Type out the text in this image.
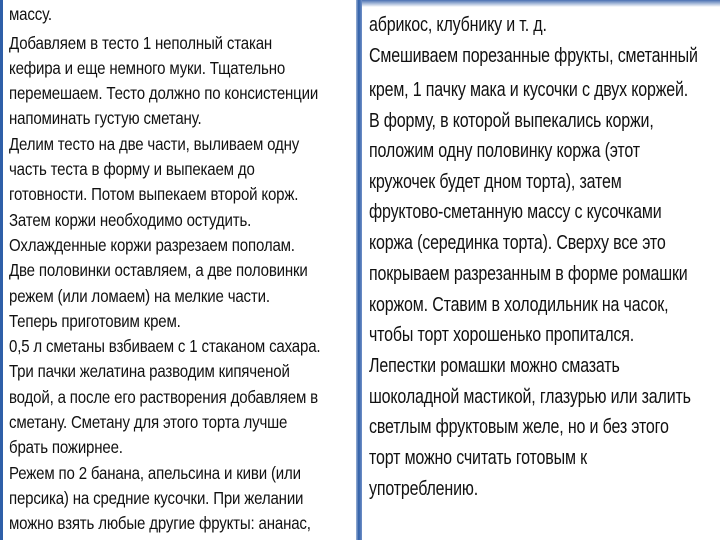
массу.
Добавляем в тесто 1 неполный стакан
кефира и еще немного муки. Тщательно
перемешаем. Тесто должно по консистенции
напоминать густую сметану.
Делим тесто на две части, выливаем одну
часть теста в форму и выпекаем до
готовности. Потом выпекаем второй корж.
Затем коржи необходимо остудить.
Охлажденные коржи разрезаем пополам.
Две половинки оставляем, а две половинки
режем (или ломаем) на мелкие части.
Теперь приготовим крем.
0,5 л сметаны взбиваем с 1 стаканом сахара.
Три пачки желатина разводим кипяченой
водой, а после его растворения добавляем в
сметану. Сметану для этого торта лучше
брать пожирнее.
Режем по 2 банана, апельсина и киви (или
персика) на средние кусочки. При желании
можно взять любые другие фрукты: ананас,
абрикос, клубнику и т. д.
Смешиваем порезанные фрукты, сметанный
крем, 1 пачку мака и кусочки с двух коржей.
В форму, в которой выпекались коржи,
положим одну половинку коржа (этот
кружочек будет дном торта), затем
фруктово-сметанную массу с кусочками
коржа (серединка торта). Сверху все это
покрываем разрезанным в форме ромашки
коржом. Ставим в холодильник на часок,
чтобы торт хорошенько пропитался.
Лепестки ромашки можно смазать
шоколадной мастикой, глазурью или залить
светлым фруктовым желе, но и без этого
торт можно считать готовым к
употреблению.
